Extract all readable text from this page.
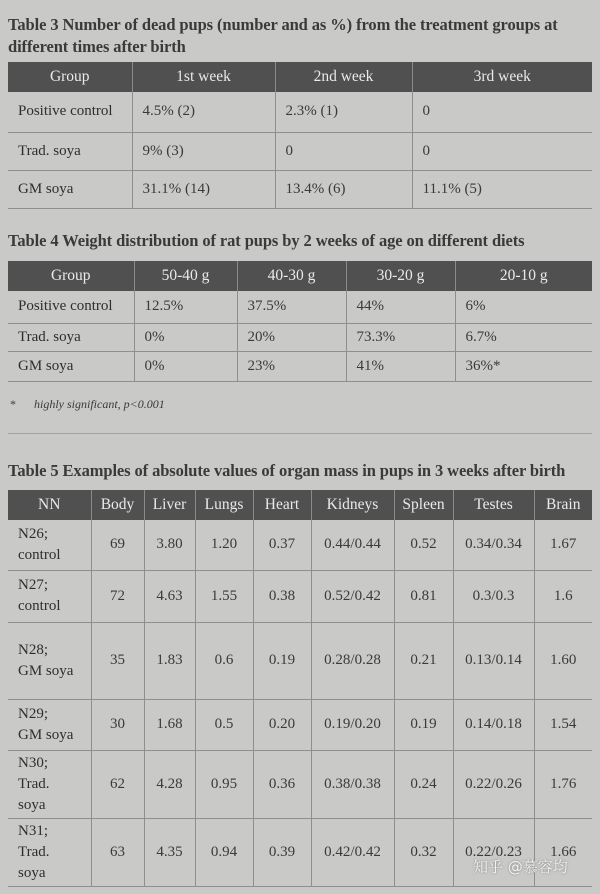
Table 3 Number of dead pups (number and as %) from the treatment groups at
different times after birth
Group	1st week	2nd week	3rd week
Positive control	4.5% (2)	2.3% (1)	0
Trad. soya	9% (3)	0	0
GM soya	31.1% (14)	13.4% (6)	11.1% (5)
Table 4 Weight distribution of rat pups by 2 weeks of age on different diets
Group	50-40 g	40-30 g	30-20 g	20-10 g
Positive control	12.5%	37.5%	44%	6%
Trad. soya	0%	20%	73.3%	6.7%
GM soya	0%	23%	41%	36%*
* highly significant, p<0.001
Table 5 Examples of absolute values of organ mass in pups in 3 weeks after birth
NN	Body	Liver	Lungs	Heart	Kidneys	Spleen	Testes	Brain

N26;
control	69	3.80	1.20	0.37	0.44/0.44	0.52	0.34/0.34	1.67

N27;
control	72	4.63	1.55	0.38	0.52/0.42	0.81	0.3/0.3	1.6

N28;
GM soya	35	1.83	0.6	0.19	0.28/0.28	0.21	0.13/0.14	1.60

N29;
GM soya	30	1.68	0.5	0.20	0.19/0.20	0.19	0.14/0.18	1.54

N30;
Trad.
soya	62	4.28	0.95	0.36	0.38/0.38	0.24	0.22/0.26	1.76

N31;
Trad.
soya	63	4.35	0.94	0.39	0.42/0.42	0.32	0.22/0.23	1.66
知乎 @慕容均
